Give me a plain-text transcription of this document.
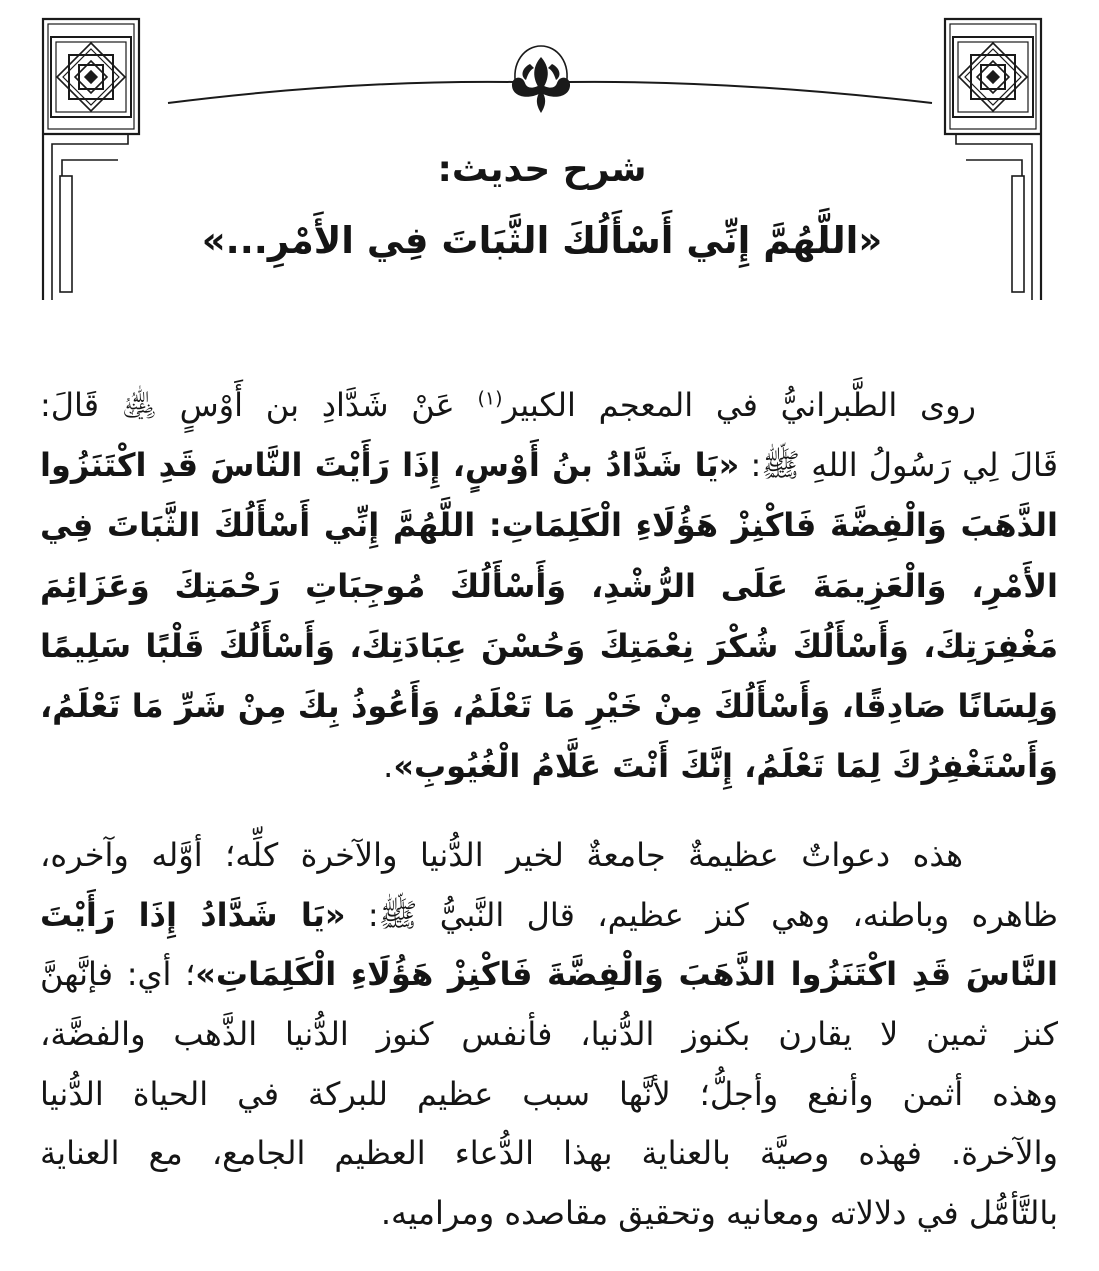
شرح حديث:
«اللَّهُمَّ إِنِّي أَسْأَلُكَ الثَّبَاتَ فِي الأَمْرِ...»
روى الطَّبرانيُّ في المعجم الكبير$^{(١)}$ عَنْ شَدَّادِ بن أَوْسٍ ﵁ قَالَ:
قَالَ لِي رَسُولُ اللهِ ﷺ: «يَا شَدَّادُ بنُ أَوْسٍ، إِذَا رَأَيْتَ النَّاسَ قَدِ اكْتَنَزُوا
الذَّهَبَ وَالْفِضَّةَ فَاكْنِزْ هَؤُلَاءِ الْكَلِمَاتِ: اللَّهُمَّ إِنِّي أَسْأَلُكَ الثَّبَاتَ فِي
الأَمْرِ، وَالْعَزِيمَةَ عَلَى الرُّشْدِ، وَأَسْأَلُكَ مُوجِبَاتِ رَحْمَتِكَ وَعَزَائِمَ
مَغْفِرَتِكَ، وَأَسْأَلُكَ شُكْرَ نِعْمَتِكَ وَحُسْنَ عِبَادَتِكَ، وَأَسْأَلُكَ قَلْبًا سَلِيمًا
وَلِسَانًا صَادِقًا، وَأَسْأَلُكَ مِنْ خَيْرِ مَا تَعْلَمُ، وَأَعُوذُ بِكَ مِنْ شَرِّ مَا تَعْلَمُ،
وَأَسْتَغْفِرُكَ لِمَا تَعْلَمُ، إِنَّكَ أَنْتَ عَلَّامُ الْغُيُوبِ».
هذه دعواتٌ عظيمةٌ جامعةٌ لخير الدُّنيا والآخرة كلِّه؛ أوَّله وآخره،
ظاهره وباطنه، وهي كنز عظيم، قال النَّبيُّ ﷺ: «يَا شَدَّادُ إِذَا رَأَيْتَ
النَّاسَ قَدِ اكْتَنَزُوا الذَّهَبَ وَالْفِضَّةَ فَاكْنِزْ هَؤُلَاءِ الْكَلِمَاتِ»؛ أي: فإنَّهنَّ
كنز ثمين لا يقارن بكنوز الدُّنيا، فأنفس كنوز الدُّنيا الذَّهب والفضَّة،
وهذه أثمن وأنفع وأجلُّ؛ لأنَّها سبب عظيم للبركة في الحياة الدُّنيا
والآخرة. فهذه وصيَّة بالعناية بهذا الدُّعاء العظيم الجامع، مع العناية
بالتَّأمُّل في دلالاته ومعانيه وتحقيق مقاصده ومراميه.
